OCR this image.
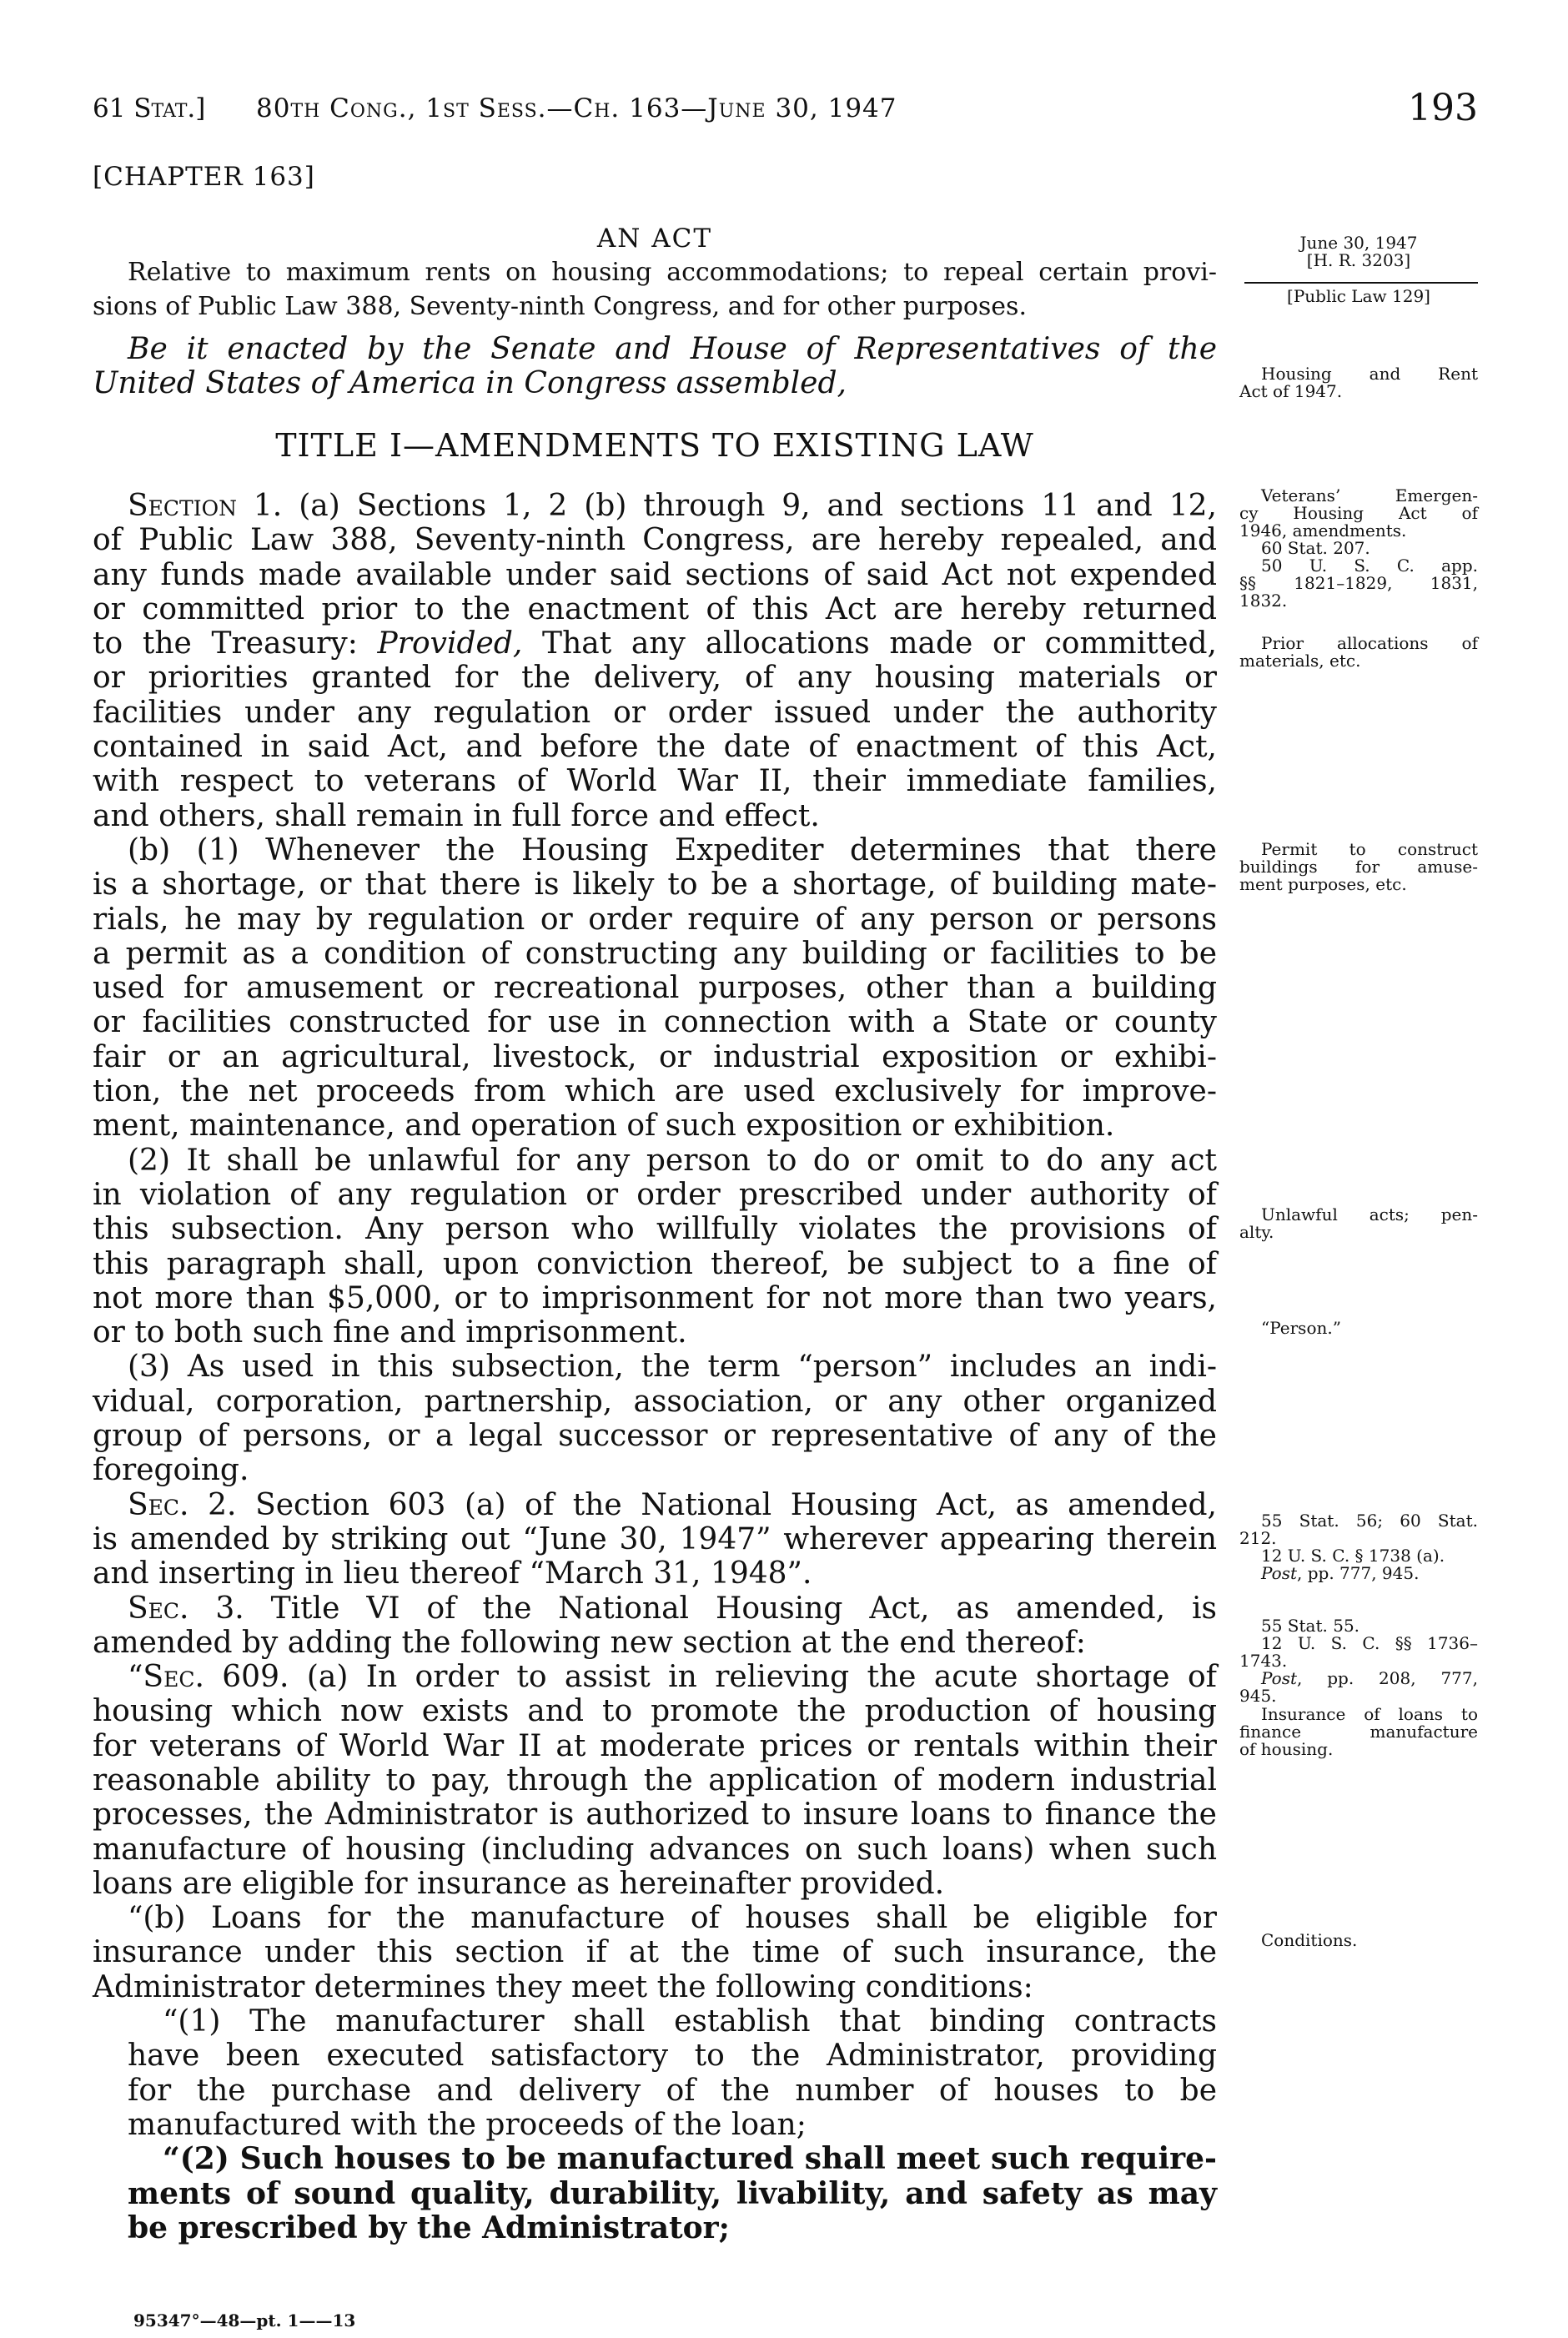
61 Stat.] 80th Cong., 1st Sess.—Ch. 163—June 30, 1947	193
[CHAPTER 163]
AN ACT
Relative to maximum rents on housing accommodations; to repeal certain provi-
sions of Public Law 388, Seventy-ninth Congress, and for other purposes.
Be it enacted by the Senate and House of Representatives of the
United States of America in Congress assembled,
TITLE I—AMENDMENTS TO EXISTING LAW
Section 1. (a) Sections 1, 2 (b) through 9, and sections 11 and 12,
of Public Law 388, Seventy-ninth Congress, are hereby repealed, and
any funds made available under said sections of said Act not expended
or committed prior to the enactment of this Act are hereby returned
to the Treasury: Provided, That any allocations made or committed,
or priorities granted for the delivery, of any housing materials or
facilities under any regulation or order issued under the authority
contained in said Act, and before the date of enactment of this Act,
with respect to veterans of World War II, their immediate families,
and others, shall remain in full force and effect.
(b) (1) Whenever the Housing Expediter determines that there
is a shortage, or that there is likely to be a shortage, of building mate-
rials, he may by regulation or order require of any person or persons
a permit as a condition of constructing any building or facilities to be
used for amusement or recreational purposes, other than a building
or facilities constructed for use in connection with a State or county
fair or an agricultural, livestock, or industrial exposition or exhibi-
tion, the net proceeds from which are used exclusively for improve-
ment, maintenance, and operation of such exposition or exhibition.
(2) It shall be unlawful for any person to do or omit to do any act
in violation of any regulation or order prescribed under authority of
this subsection. Any person who willfully violates the provisions of
this paragraph shall, upon conviction thereof, be subject to a fine of
not more than $5,000, or to imprisonment for not more than two years,
or to both such fine and imprisonment.
(3) As used in this subsection, the term “person” includes an indi-
vidual, corporation, partnership, association, or any other organized
group of persons, or a legal successor or representative of any of the
foregoing.
Sec. 2. Section 603 (a) of the National Housing Act, as amended,
is amended by striking out “June 30, 1947” wherever appearing therein
and inserting in lieu thereof “March 31, 1948”.
Sec. 3. Title VI of the National Housing Act, as amended, is
amended by adding the following new section at the end thereof:
“Sec. 609. (a) In order to assist in relieving the acute shortage of
housing which now exists and to promote the production of housing
for veterans of World War II at moderate prices or rentals within their
reasonable ability to pay, through the application of modern industrial
processes, the Administrator is authorized to insure loans to finance the
manufacture of housing (including advances on such loans) when such
loans are eligible for insurance as hereinafter provided.
“(b) Loans for the manufacture of houses shall be eligible for
insurance under this section if at the time of such insurance, the
Administrator determines they meet the following conditions:
“(1) The manufacturer shall establish that binding contracts
have been executed satisfactory to the Administrator, providing
for the purchase and delivery of the number of houses to be
manufactured with the proceeds of the loan;
“(2) Such houses to be manufactured shall meet such require-
ments of sound quality, durability, livability, and safety as may
be prescribed by the Administrator;
June 30, 1947
[H. R. 3203]
[Public Law 129]
Housing and Rent
Act of 1947.
Veterans’ Emergen-
cy Housing Act of
1946, amendments.
60 Stat. 207.
50 U. S. C. app.
§§ 1821–1829, 1831,
1832.
Prior allocations of
materials, etc.
Permit to construct
buildings for amuse-
ment purposes, etc.
Unlawful acts; pen-
alty.
“Person.”
55 Stat. 56; 60 Stat.
212.
12 U. S. C. § 1738 (a).
Post, pp. 777, 945.
55 Stat. 55.
12 U. S. C. §§ 1736–
1743.
Post, pp. 208, 777,
945.
Insurance of loans to
finance manufacture
of housing.
Conditions.
95347°—48—pt. 1——13
